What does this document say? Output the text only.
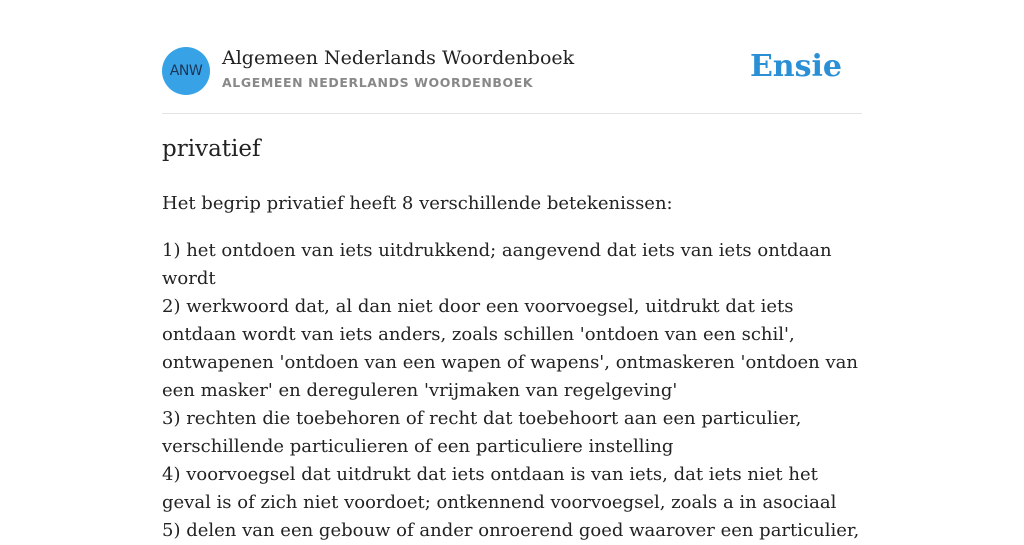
ANW
Algemeen Nederlands Woordenboek
ALGEMEEN NEDERLANDS WOORDENBOEK	Ensie
privatief

Het begrip privatief heeft 8 verschillende betekenissen:

1) het ontdoen van iets uitdrukkend; aangevend dat iets van iets ontdaan wordt
2) werkwoord dat, al dan niet door een voorvoegsel, uitdrukt dat iets ontdaan wordt van iets anders, zoals schillen 'ontdoen van een schil', ontwapenen 'ontdoen van een wapen of wapens', ontmaskeren 'ontdoen van een masker' en dereguleren 'vrijmaken van regelgeving'
3) rechten die toebehoren of recht dat toebehoort aan een particulier, verschillende particulieren of een particuliere instelling
4) voorvoegsel dat uitdrukt dat iets ontdaan is van iets, dat iets niet het geval is of zich niet voordoet; ontkennend voorvoegsel, zoals a in asociaal
5) delen van een gebouw of ander onroerend goed waarover een particulier,
